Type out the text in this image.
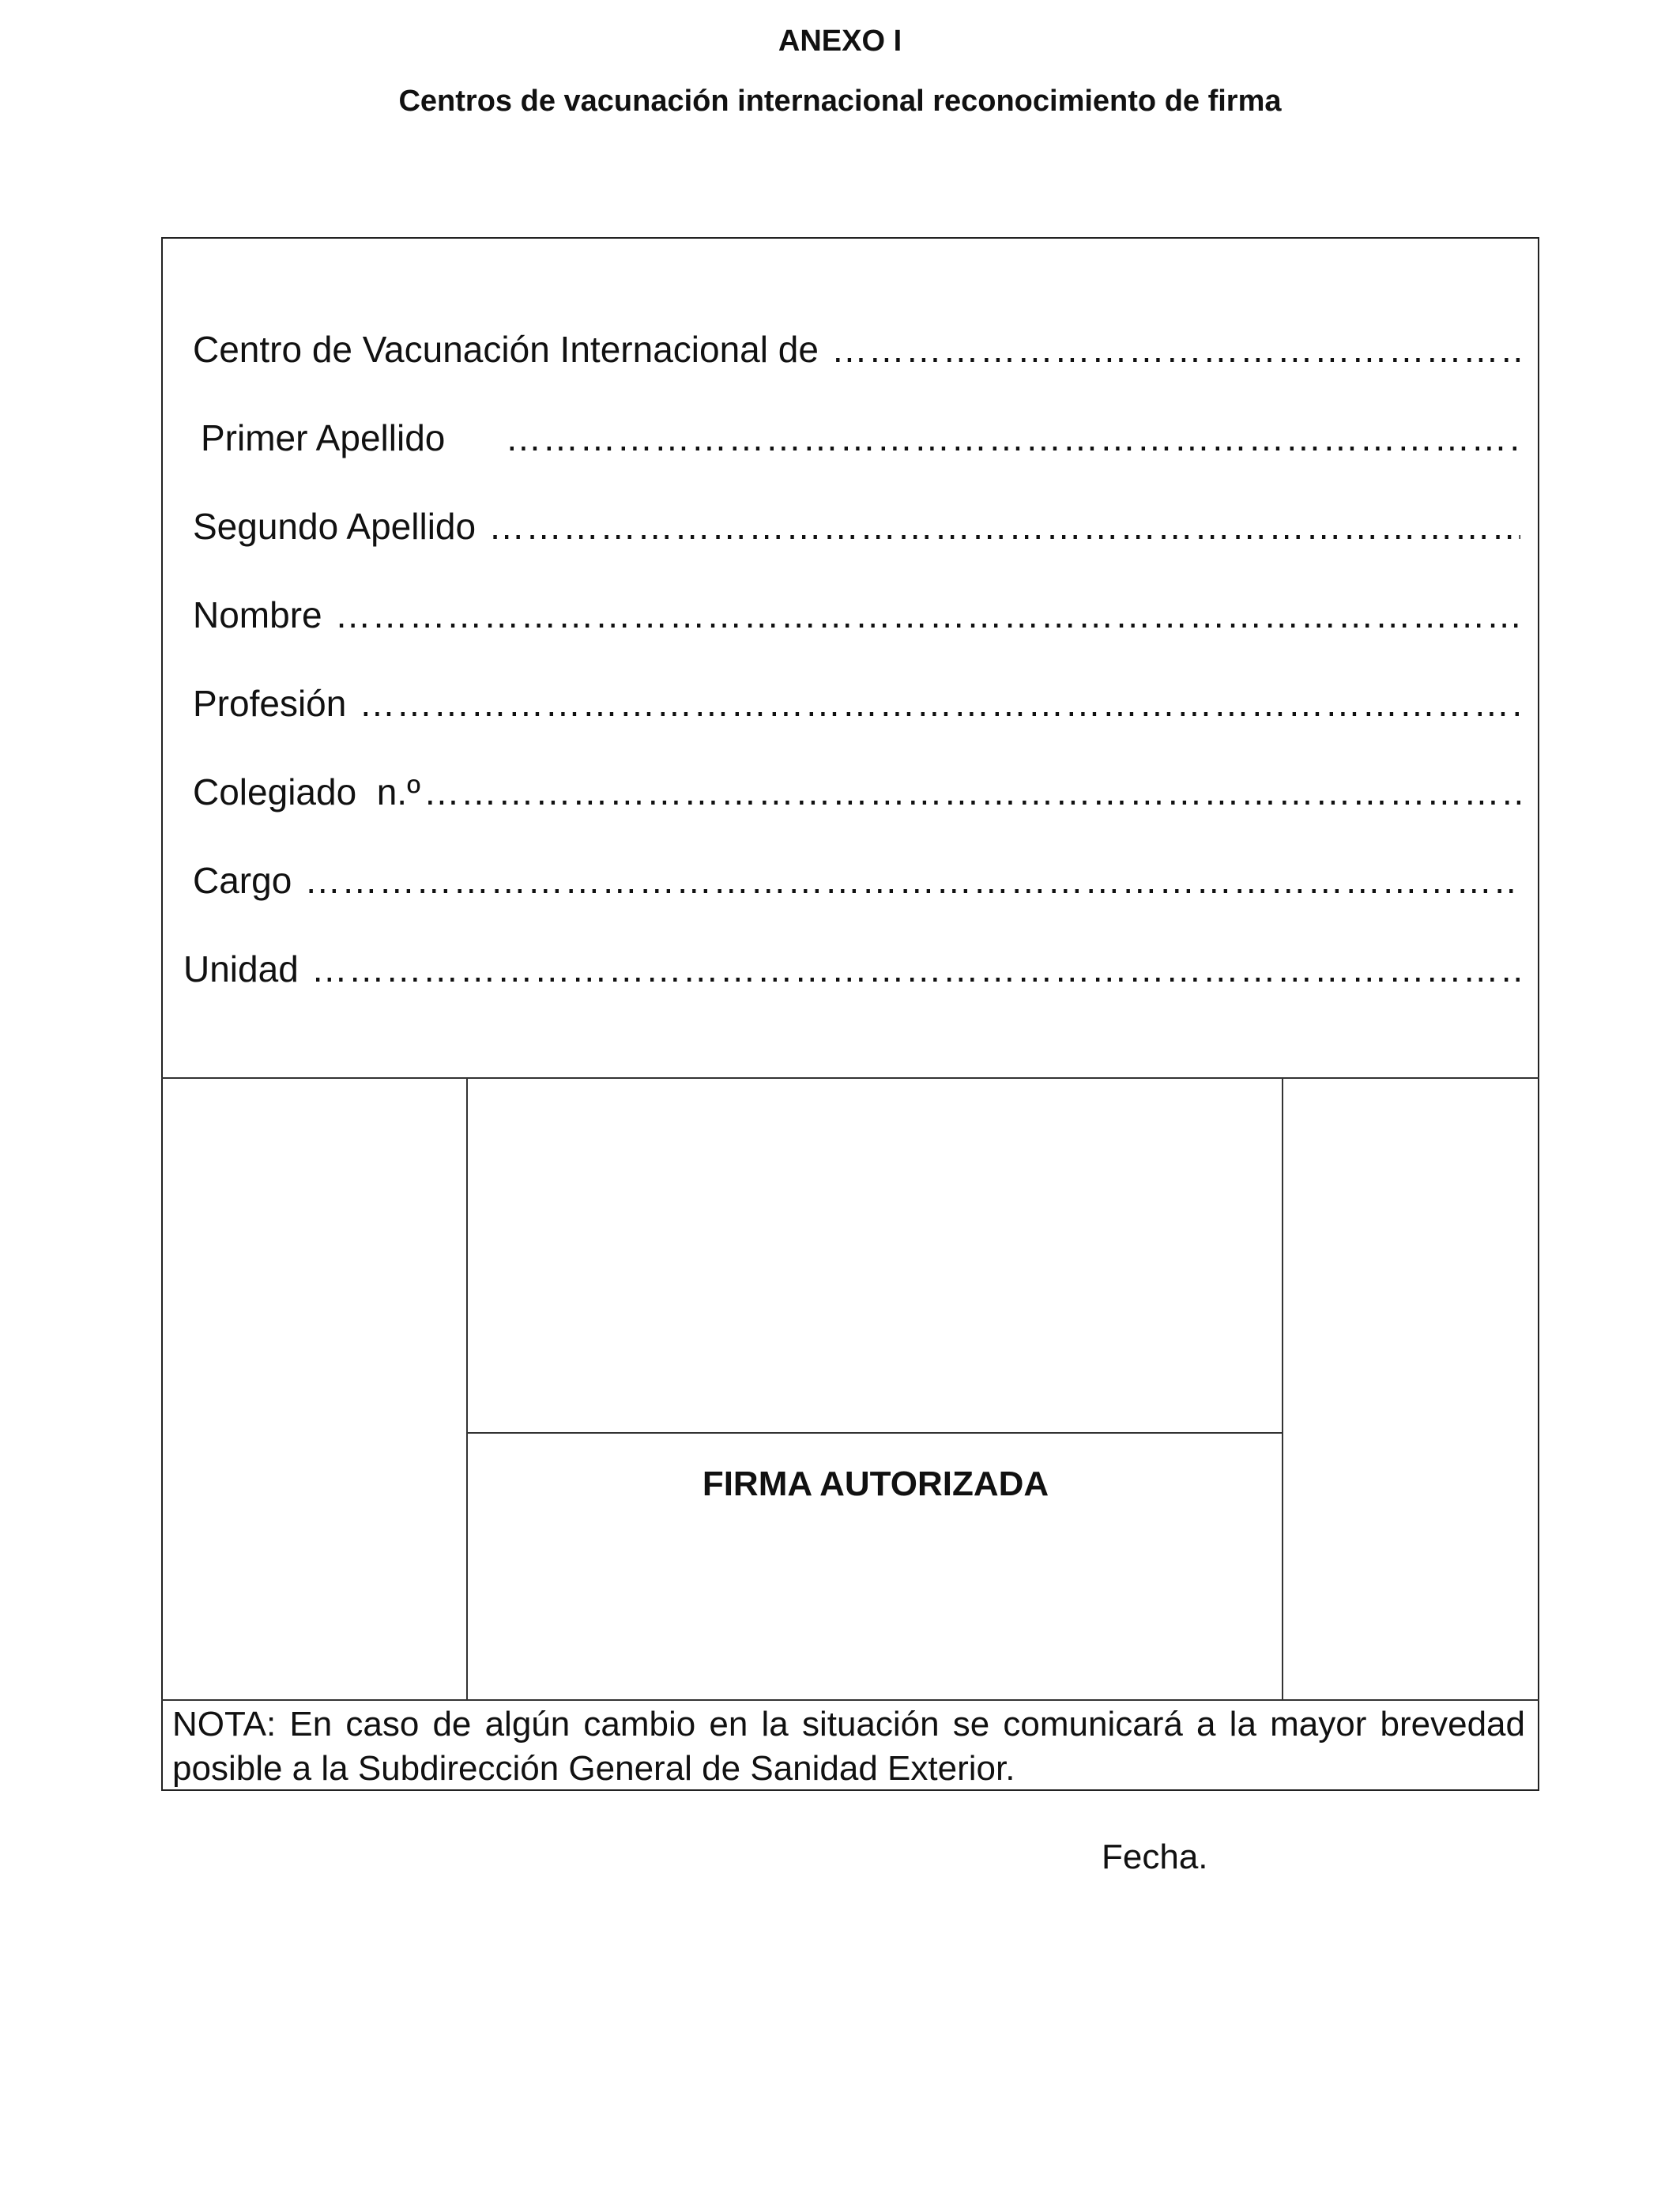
ANEXO I
Centros de vacunación internacional reconocimiento de firma
Centro de Vacunación Internacional de
………………………………………………………………………………………………………………………………………………………………………………………………………………………………
Primer Apellido
………………………………………………………………………………………………………………………………………………………………………………………………………………………………
Segundo Apellido
………………………………………………………………………………………………………………………………………………………………………………………………………………………………
Nombre
………………………………………………………………………………………………………………………………………………………………………………………………………………………………
Profesión
………………………………………………………………………………………………………………………………………………………………………………………………………………………………
Colegiado  n.º
………………………………………………………………………………………………………………………………………………………………………………………………………………………………
Cargo
………………………………………………………………………………………………………………………………………………………………………………………………………………………………
Unidad
………………………………………………………………………………………………………………………………………………………………………………………………………………………………
FIRMA AUTORIZADA
NOTA: En caso de algún cambio en la situación se comunicará a la mayor brevedad posible a la Subdirección General de Sanidad Exterior.
Fecha.
